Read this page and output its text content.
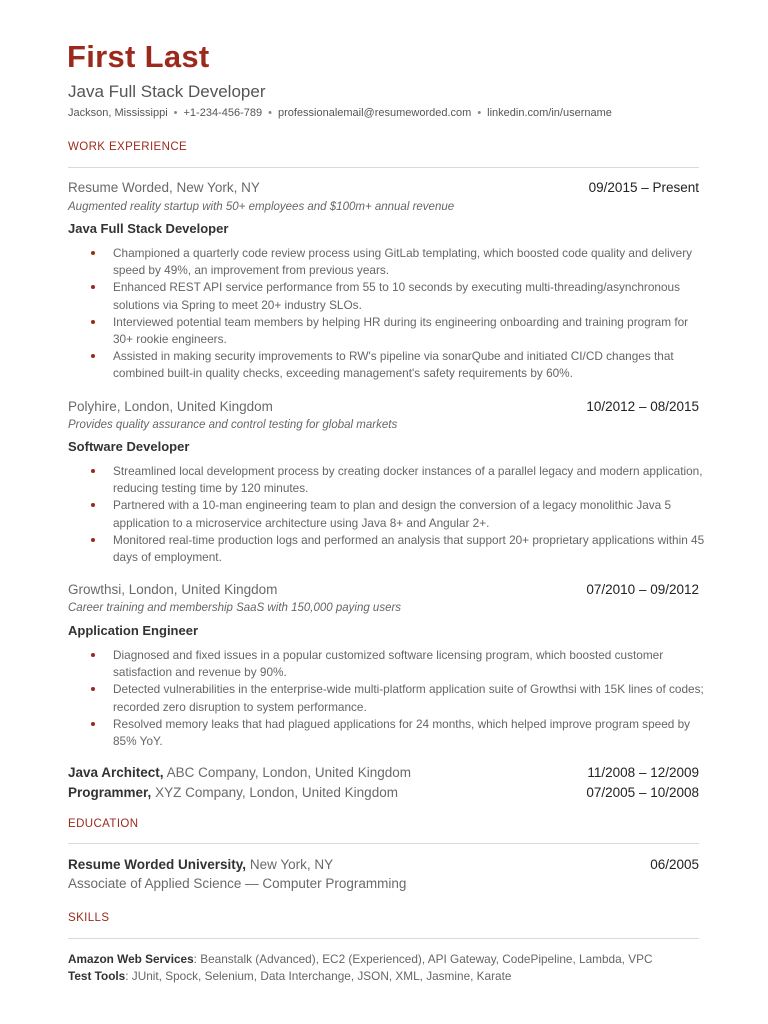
First Last
Java Full Stack Developer
Jackson, Mississippi • +1-234-456-789 • professionalemail@resumeworded.com • linkedin.com/in/username
WORK EXPERIENCE
Resume Worded, New York, NY	09/2015 – Present
Augmented reality startup with 50+ employees and $100m+ annual revenue
Java Full Stack Developer
Championed a quarterly code review process using GitLab templating, which boosted code quality and delivery speed by 49%, an improvement from previous years.
Enhanced REST API service performance from 55 to 10 seconds by executing multi-threading/asynchronous solutions via Spring to meet 20+ industry SLOs.
Interviewed potential team members by helping HR during its engineering onboarding and training program for 30+ rookie engineers.
Assisted in making security improvements to RW's pipeline via sonarQube and initiated CI/CD changes that combined built-in quality checks, exceeding management's safety requirements by 60%.
Polyhire, London, United Kingdom	10/2012 – 08/2015
Provides quality assurance and control testing for global markets
Software Developer
Streamlined local development process by creating docker instances of a parallel legacy and modern application, reducing testing time by 120 minutes.
Partnered with a 10-man engineering team to plan and design the conversion of a legacy monolithic Java 5 application to a microservice architecture using Java 8+ and Angular 2+.
Monitored real-time production logs and performed an analysis that support 20+ proprietary applications within 45 days of employment.
Growthsi, London, United Kingdom	07/2010 – 09/2012
Career training and membership SaaS with 150,000 paying users
Application Engineer
Diagnosed and fixed issues in a popular customized software licensing program, which boosted customer satisfaction and revenue by 90%.
Detected vulnerabilities in the enterprise-wide multi-platform application suite of Growthsi with 15K lines of codes; recorded zero disruption to system performance.
Resolved memory leaks that had plagued applications for 24 months, which helped improve program speed by 85% YoY.
Java Architect, ABC Company, London, United Kingdom	11/2008 – 12/2009
Programmer, XYZ Company, London, United Kingdom	07/2005 – 10/2008
EDUCATION
Resume Worded University, New York, NY	06/2005
Associate of Applied Science — Computer Programming
SKILLS
Amazon Web Services: Beanstalk (Advanced), EC2 (Experienced), API Gateway, CodePipeline, Lambda, VPC
Test Tools: JUnit, Spock, Selenium, Data Interchange, JSON, XML, Jasmine, Karate
